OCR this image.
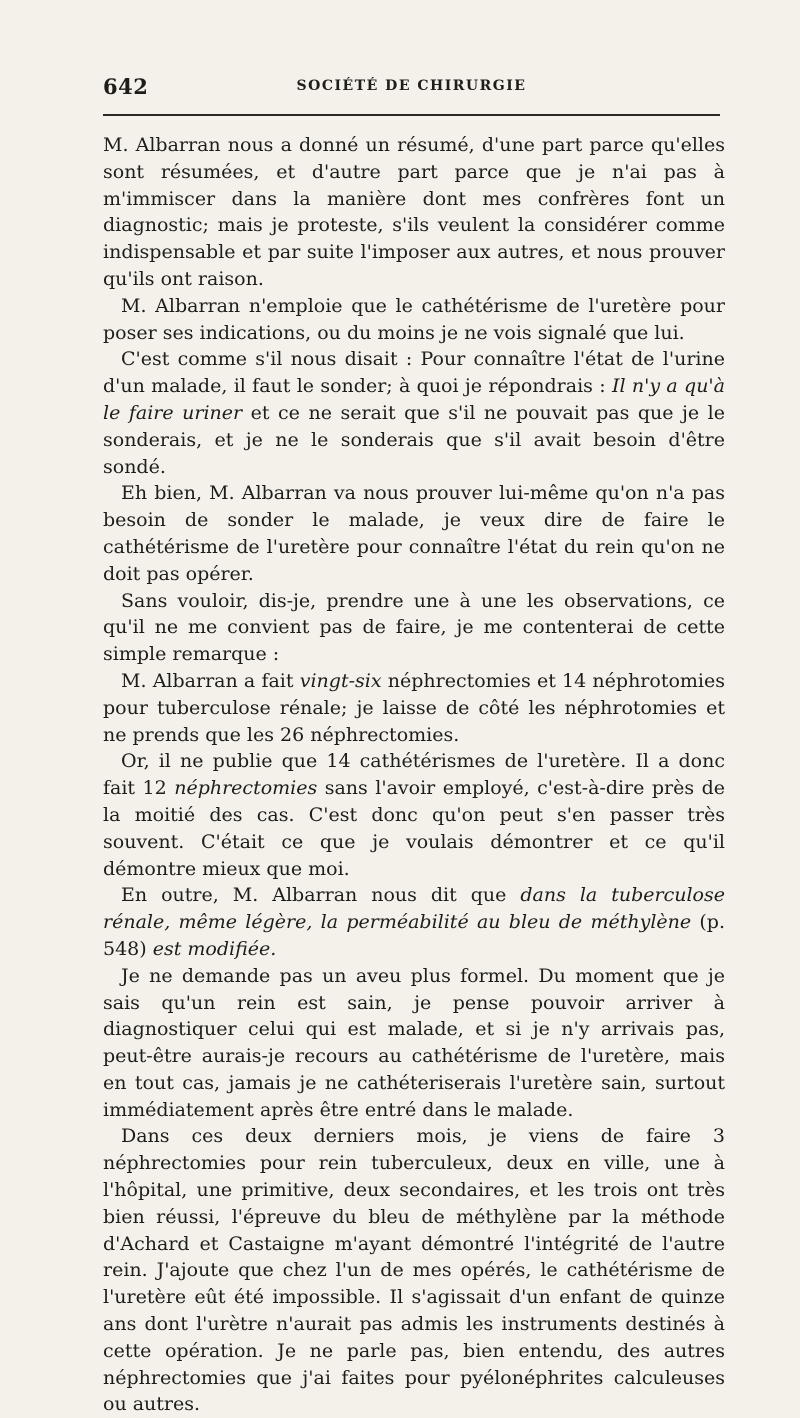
642	SOCIÉTÉ DE CHIRURGIE

M. Albarran nous a donné un résumé, d'une part parce qu'elles sont résumées, et d'autre part parce que je n'ai pas à m'immiscer dans la manière dont mes confrères font un diagnostic; mais je proteste, s'ils veulent la considérer comme indispensable et par suite l'imposer aux autres, et nous prouver qu'ils ont raison.

M. Albarran n'emploie que le cathétérisme de l'uretère pour poser ses indications, ou du moins je ne vois signalé que lui.

C'est comme s'il nous disait : Pour connaître l'état de l'urine d'un malade, il faut le sonder; à quoi je répondrais : Il n'y a qu'à le faire uriner et ce ne serait que s'il ne pouvait pas que je le sonderais, et je ne le sonderais que s'il avait besoin d'être sondé.

Eh bien, M. Albarran va nous prouver lui-même qu'on n'a pas besoin de sonder le malade, je veux dire de faire le cathétérisme de l'uretère pour connaître l'état du rein qu'on ne doit pas opérer.

Sans vouloir, dis-je, prendre une à une les observations, ce qu'il ne me convient pas de faire, je me contenterai de cette simple remarque :

M. Albarran a fait vingt-six néphrectomies et 14 néphrotomies pour tuberculose rénale; je laisse de côté les néphrotomies et ne prends que les 26 néphrectomies.

Or, il ne publie que 14 cathétérismes de l'uretère. Il a donc fait 12 néphrectomies sans l'avoir employé, c'est-à-dire près de la moitié des cas. C'est donc qu'on peut s'en passer très souvent. C'était ce que je voulais démontrer et ce qu'il démontre mieux que moi.

En outre, M. Albarran nous dit que dans la tuberculose rénale, même légère, la perméabilité au bleu de méthylène (p. 548) est modifiée.

Je ne demande pas un aveu plus formel. Du moment que je sais qu'un rein est sain, je pense pouvoir arriver à diagnostiquer celui qui est malade, et si je n'y arrivais pas, peut-être aurais-je recours au cathétérisme de l'uretère, mais en tout cas, jamais je ne cathéteriserais l'uretère sain, surtout immédiatement après être entré dans le malade.

Dans ces deux derniers mois, je viens de faire 3 néphrectomies pour rein tuberculeux, deux en ville, une à l'hôpital, une primitive, deux secondaires, et les trois ont très bien réussi, l'épreuve du bleu de méthylène par la méthode d'Achard et Castaigne m'ayant démontré l'intégrité de l'autre rein. J'ajoute que chez l'un de mes opérés, le cathétérisme de l'uretère eût été impossible. Il s'agissait d'un enfant de quinze ans dont l'urètre n'aurait pas admis les instruments destinés à cette opération. Je ne parle pas, bien entendu, des autres néphrectomies que j'ai faites pour pyélonéphrites calculeuses ou autres.
